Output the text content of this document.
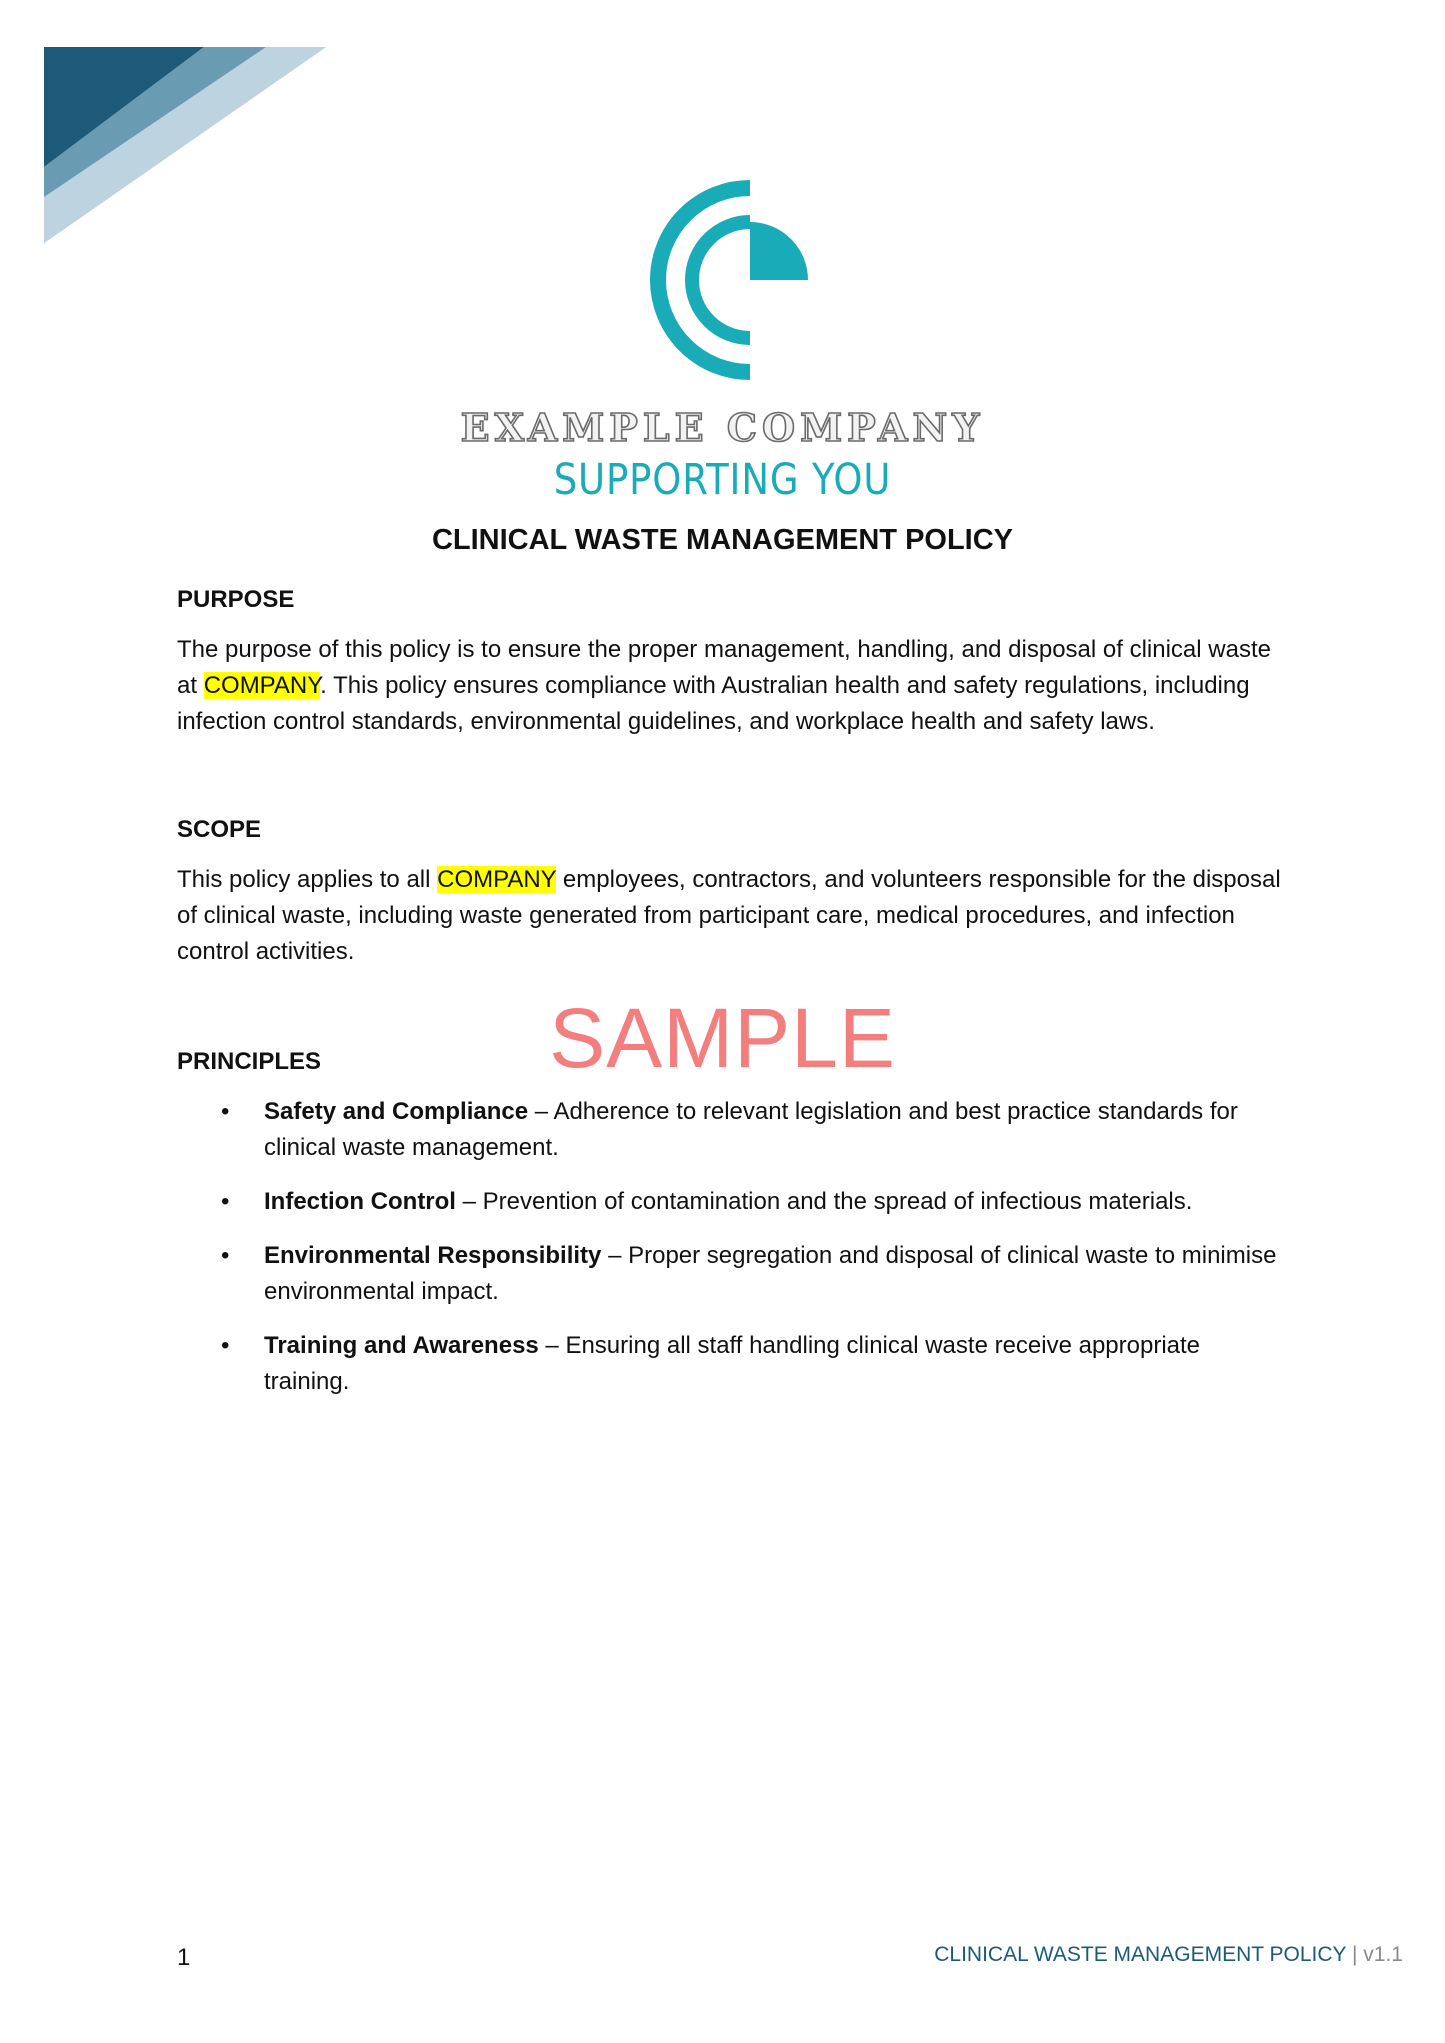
EXAMPLE COMPANY
SUPPORTING YOU
CLINICAL WASTE MANAGEMENT POLICY

PURPOSE

The purpose of this policy is to ensure the proper management, handling, and disposal of clinical waste at COMPANY. This policy ensures compliance with Australian health and safety regulations, including infection control standards, environmental guidelines, and workplace health and safety laws.

SCOPE

This policy applies to all COMPANY employees, contractors, and volunteers responsible for the disposal of clinical waste, including waste generated from participant care, medical procedures, and infection control activities.

PRINCIPLES

• Safety and Compliance – Adherence to relevant legislation and best practice standards for clinical waste management.
• Infection Control – Prevention of contamination and the spread of infectious materials.
• Environmental Responsibility – Proper segregation and disposal of clinical waste to minimise environmental impact.
• Training and Awareness – Ensuring all staff handling clinical waste receive appropriate training.
SAMPLE
1	CLINICAL WASTE MANAGEMENT POLICY | v1.1
